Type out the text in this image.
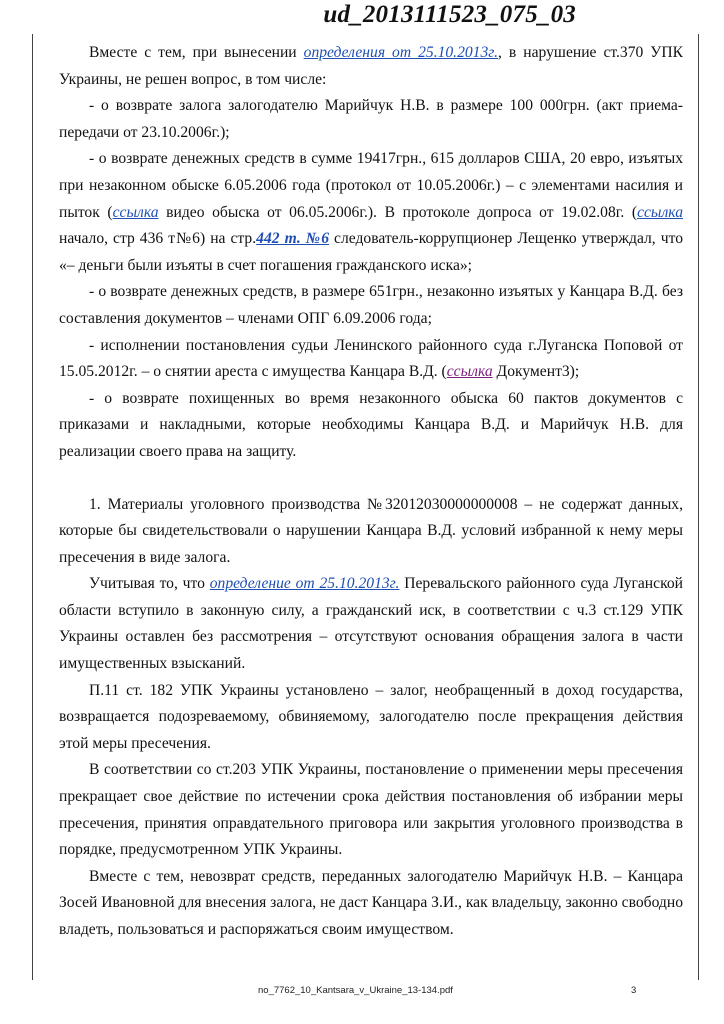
ud_2013111523_075_03

Вместе с тем, при вынесении определения от 25.10.2013г., в нарушение ст.370 УПК Украины, не решен вопрос, в том числе:

- о возврате залога залогодателю Марийчук Н.В. в размере 100 000грн. (акт приема-передачи от 23.10.2006г.);

- о возврате денежных средств в сумме 19417грн., 615 долларов США, 20 евро, изъятых при незаконном обыске 6.05.2006 года (протокол от 10.05.2006г.) – с элементами насилия и пыток (ссылка видео обыска от 06.05.2006г.). В протоколе допроса от 19.02.08г. (ссылка начало, стр 436 т№6) на стр.442 т. №6 следователь-коррупционер Лещенко утверждал, что «– деньги были изъяты в счет погашения гражданского иска»;

- о возврате денежных средств, в размере 651грн., незаконно изъятых у Канцара В.Д. без составления документов – членами ОПГ 6.09.2006 года;

- исполнении постановления судьи Ленинского районного суда г.Луганска Поповой от 15.05.2012г. – о снятии ареста с имущества Канцара В.Д. (ссылка Документ3);

- о возврате похищенных во время незаконного обыска 60 пактов документов с приказами и накладными, которые необходимы Канцара В.Д. и Марийчук Н.В. для реализации своего права на защиту.

1. Материалы уголовного производства №32012030000000008 – не содержат данных, которые бы свидетельствовали о нарушении Канцара В.Д. условий избранной к нему меры пресечения в виде залога.

Учитывая то, что определение от 25.10.2013г. Перевальского районного суда Луганской области вступило в законную силу, а гражданский иск, в соответствии с ч.3 ст.129 УПК Украины оставлен без рассмотрения – отсутствуют основания обращения залога в части имущественных взысканий.

П.11 ст. 182 УПК Украины установлено – залог, необращенный в доход государства, возвращается подозреваемому, обвиняемому, залогодателю после прекращения действия этой меры пресечения.

В соответствии со ст.203 УПК Украины, постановление о применении меры пресечения прекращает свое действие по истечении срока действия постановления об избрании меры пресечения, принятия оправдательного приговора или закрытия уголовного производства в порядке, предусмотренном УПК Украины.

Вместе с тем, невозврат средств, переданных залогодателю Марийчук Н.В. – Канцара Зосей Ивановной для внесения залога, не даст Канцара З.И., как владельцу, законно свободно владеть, пользоваться и распоряжаться своим имуществом.

no_7762_10_Kantsara_v_Ukraine_13-134.pdf	3
